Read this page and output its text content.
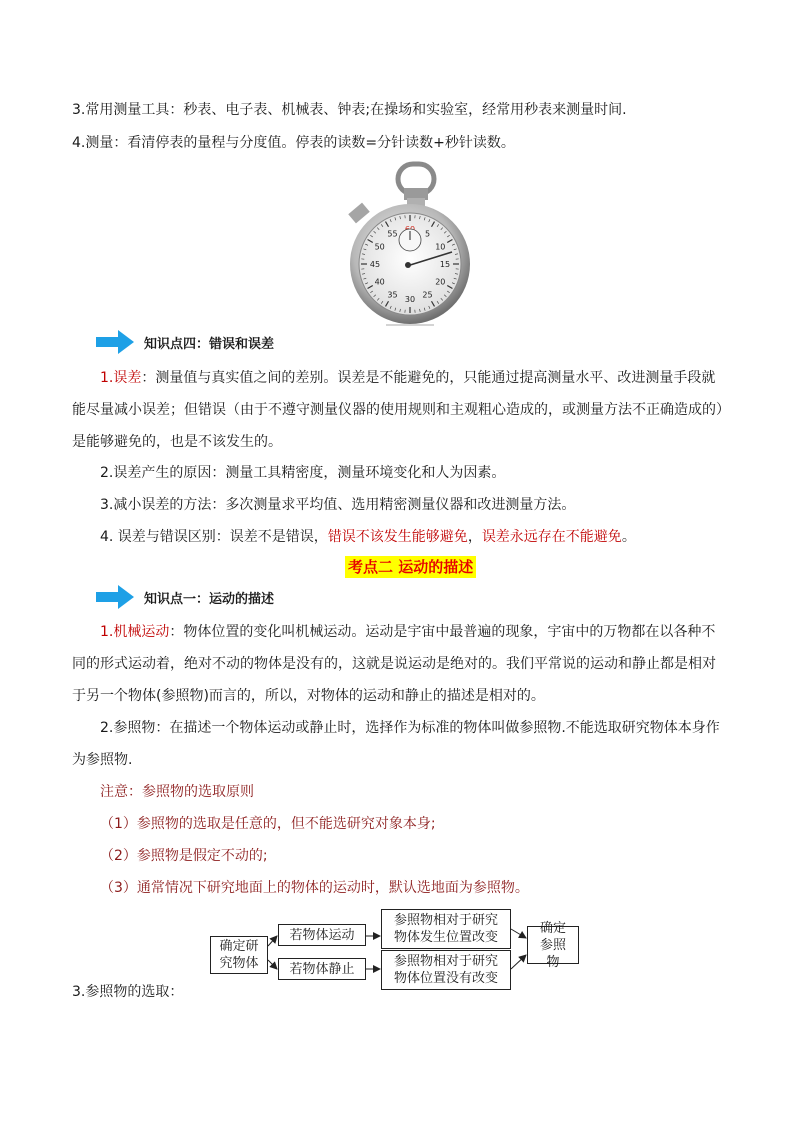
3.常用测量工具：秒表、电子表、机械表、钟表;在操场和实验室，经常用秒表来测量时间.
4.测量：看清停表的量程与分度值。停表的读数=分针读数+秒针读数。
5
10
15
20
25
30
35
40
45
50
55
知识点四：错误和误差
1.误差：测量值与真实值之间的差别。误差是不能避免的，只能通过提高测量水平、改进测量手段就能尽量减小误差；但错误（由于不遵守测量仪器的使用规则和主观粗心造成的，或测量方法不正确造成的）是能够避免的，也是不该发生的。
2.误差产生的原因：测量工具精密度，测量环境变化和人为因素。
3.减小误差的方法：多次测量求平均值、选用精密测量仪器和改进测量方法。
4. 误差与错误区别：误差不是错误，错误不该发生能够避免，误差永远存在不能避免。
考点二 运动的描述
知识点一：运动的描述
1.机械运动：物体位置的变化叫机械运动。运动是宇宙中最普遍的现象，宇宙中的万物都在以各种不同的形式运动着，绝对不动的物体是没有的，这就是说运动是绝对的。我们平常说的运动和静止都是相对于另一个物体(参照物)而言的，所以，对物体的运动和静止的描述是相对的。
2.参照物：在描述一个物体运动或静止时，选择作为标准的物体叫做参照物.不能选取研究物体本身作为参照物.
注意：参照物的选取原则
（1）参照物的选取是任意的，但不能选研究对象本身;
（2）参照物是假定不动的;
（3）通常情况下研究地面上的物体的运动时，默认选地面为参照物。
确定研究物体
若物体运动
若物体静止
参照物相对于研究物体发生位置改变
参照物相对于研究物体位置没有改变
确定参照物
3.参照物的选取：
